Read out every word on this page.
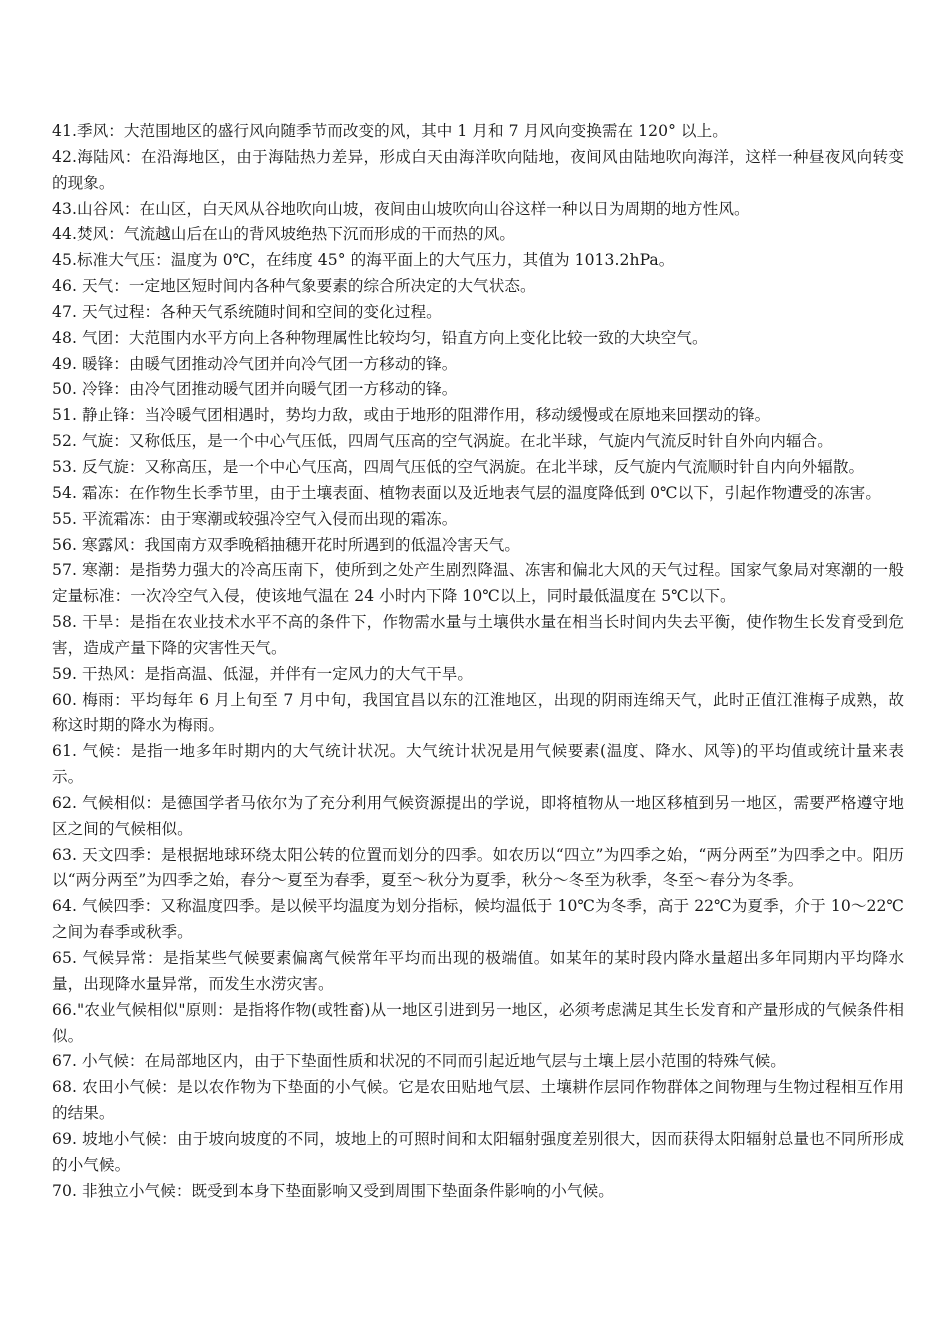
41.季风：大范围地区的盛行风向随季节而改变的风，其中 1 月和 7 月风向变换需在 120° 以上。

42.海陆风：在沿海地区，由于海陆热力差异，形成白天由海洋吹向陆地，夜间风由陆地吹向海洋，这样一种昼夜风向转变的现象。

43.山谷风：在山区，白天风从谷地吹向山坡，夜间由山坡吹向山谷这样一种以日为周期的地方性风。

44.焚风：气流越山后在山的背风坡绝热下沉而形成的干而热的风。

45.标准大气压：温度为 0℃，在纬度 45° 的海平面上的大气压力，其值为 1013.2hPa。

46. 天气：一定地区短时间内各种气象要素的综合所决定的大气状态。

47. 天气过程：各种天气系统随时间和空间的变化过程。

48. 气团：大范围内水平方向上各种物理属性比较均匀，铅直方向上变化比较一致的大块空气。

49. 暖锋：由暖气团推动冷气团并向冷气团一方移动的锋。

50. 冷锋：由冷气团推动暖气团并向暖气团一方移动的锋。

51. 静止锋：当冷暖气团相遇时，势均力敌，或由于地形的阻滞作用，移动缓慢或在原地来回摆动的锋。

52. 气旋：又称低压，是一个中心气压低，四周气压高的空气涡旋。在北半球，气旋内气流反时针自外向内辐合。

53. 反气旋：又称高压，是一个中心气压高，四周气压低的空气涡旋。在北半球，反气旋内气流顺时针自内向外辐散。

54. 霜冻：在作物生长季节里，由于土壤表面、植物表面以及近地表气层的温度降低到 0℃以下，引起作物遭受的冻害。

55. 平流霜冻：由于寒潮或较强冷空气入侵而出现的霜冻。

56. 寒露风：我国南方双季晚稻抽穗开花时所遇到的低温冷害天气。

57. 寒潮：是指势力强大的冷高压南下，使所到之处产生剧烈降温、冻害和偏北大风的天气过程。国家气象局对寒潮的一般定量标准：一次冷空气入侵，使该地气温在 24 小时内下降 10℃以上，同时最低温度在 5℃以下。

58. 干旱：是指在农业技术水平不高的条件下，作物需水量与土壤供水量在相当长时间内失去平衡，使作物生长发育受到危害，造成产量下降的灾害性天气。

59. 干热风：是指高温、低湿，并伴有一定风力的大气干旱。

60. 梅雨：平均每年 6 月上旬至 7 月中旬，我国宜昌以东的江淮地区，出现的阴雨连绵天气，此时正值江淮梅子成熟，故称这时期的降水为梅雨。

61. 气候：是指一地多年时期内的大气统计状况。大气统计状况是用气候要素(温度、降水、风等)的平均值或统计量来表示。

62. 气候相似：是德国学者马依尔为了充分利用气候资源提出的学说，即将植物从一地区移植到另一地区，需要严格遵守地区之间的气候相似。

63. 天文四季：是根据地球环绕太阳公转的位置而划分的四季。如农历以“四立”为四季之始，“两分两至”为四季之中。阳历以“两分两至”为四季之始，春分～夏至为春季，夏至～秋分为夏季，秋分～冬至为秋季，冬至～春分为冬季。

64. 气候四季：又称温度四季。是以候平均温度为划分指标，候均温低于 10℃为冬季，高于 22℃为夏季，介于 10～22℃之间为春季或秋季。

65. 气候异常：是指某些气候要素偏离气候常年平均而出现的极端值。如某年的某时段内降水量超出多年同期内平均降水量，出现降水量异常，而发生水涝灾害。

66."农业气候相似"原则：是指将作物(或牲畜)从一地区引进到另一地区，必须考虑满足其生长发育和产量形成的气候条件相似。

67. 小气候：在局部地区内，由于下垫面性质和状况的不同而引起近地气层与土壤上层小范围的特殊气候。

68. 农田小气候：是以农作物为下垫面的小气候。它是农田贴地气层、土壤耕作层同作物群体之间物理与生物过程相互作用的结果。

69. 坡地小气候：由于坡向坡度的不同，坡地上的可照时间和太阳辐射强度差别很大，因而获得太阳辐射总量也不同所形成的小气候。

70. 非独立小气候：既受到本身下垫面影响又受到周围下垫面条件影响的小气候。
